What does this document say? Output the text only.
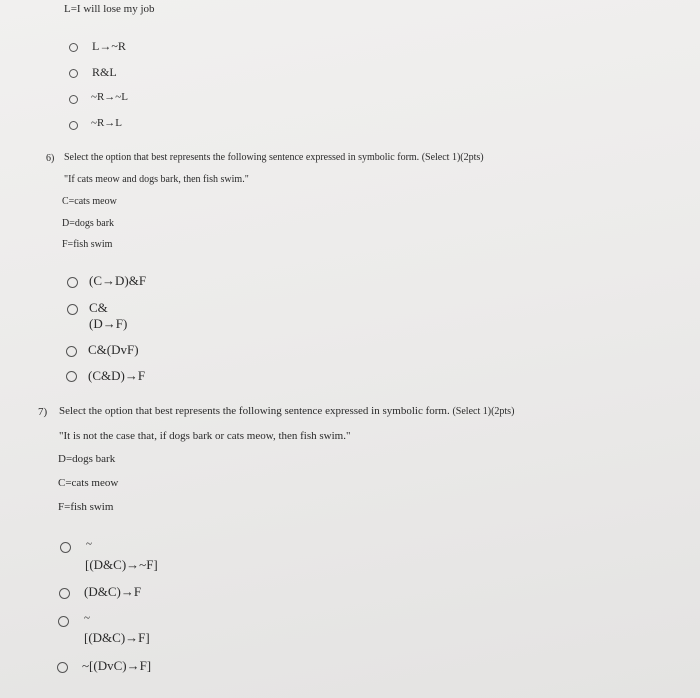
L=I will lose my job
L→~R
R&L
~R→~L
~R→L
6) Select the option that best represents the following sentence expressed in symbolic form. (Select 1)(2pts)
"If cats meow and dogs bark, then fish swim."
C=cats meow
D=dogs bark
F=fish swim
(C→D)&F
C&
(D→F)
C&(DvF)
(C&D)→F
7) Select the option that best represents the following sentence expressed in symbolic form. (Select 1)(2pts)
"It is not the case that, if dogs bark or cats meow, then fish swim."
D=dogs bark
C=cats meow
F=fish swim
~
[(D&C)→~F]
(D&C)→F
~
[(D&C)→F]
~[(DvC)→F]
